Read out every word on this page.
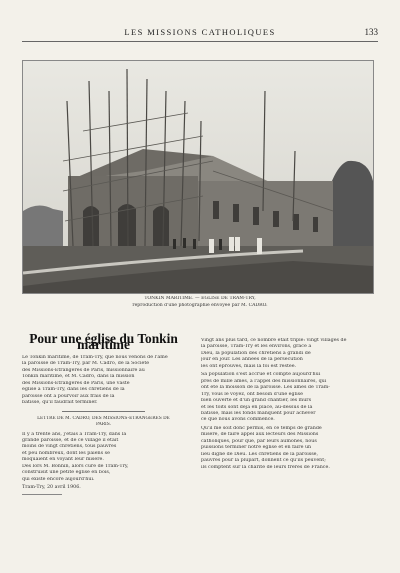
LES MISSIONS CATHOLIQUES	133
TONKIN MARITIME. — ÉGLISE DE TRAM-TRY,
reproduction d'une photographie envoyée par M. CADRO.
Pour une église du Tonkin maritime

Le Tonkin maritime, de Tram-Try, que nous venons de l'âme
la paroisse de Tram-Try, par M. Cadro, de la Société
des Missions-Étrangères de Paris, missionnaire au
Tonkin maritime, et M. Cadro, dans la mission
des Missions-Étrangères de Paris, une vaste
église à Tram-Try, dans les chrétiens de la
paroisse ont à pourvoir aux frais de la
bâtisse, qu'il faudrait terminer.

LETTRE DE M. CADRO, DES MISSIONS-ÉTRANGÈRES DE
PARIS.

Il y a trente ans, j'étais à Tram-Try, dans la
grande paroisse, et de ce village il était
moins de vingt chrétiens, tous pauvres
et peu nombreux, dont les païens se
moquaient en voyant leur misère.
Dès lors M. Bonnin, alors curé de Tram-Try,
construisit une petite église en bois,
qui existe encore aujourd'hui.

Tram-Try, 20 avril 1906.

Vingt ans plus tard, ce nombre était triplé: vingt villages de
la paroisse, Tram-Try et les environs, grâce à
Dieu, la population des chrétiens a grandi de
jour en jour. Les années de la persécution
les ont éprouvés, mais la foi est restée.

Sa population s'est accrue et compte aujourd'hui
près de mille âmes, à l'appel des missionnaires, qui
ont été la moisson de la paroisse. Les âmes de Tram-
Try, vous le voyez, ont besoin d'une église
bien ouverte et d'un grand chantier, les murs
et les toits sont déjà en place, au-dessus de la
bâtisse, mais les fonds manquent pour achever
ce que nous avons commencé.

Qu'il me soit donc permis, en ce temps de grande
misère, de faire appel aux lecteurs des Missions
catholiques, pour que, par leurs aumônes, nous
puissions terminer notre église et en faire un
lieu digne de Dieu. Les chrétiens de la paroisse,
pauvres pour la plupart, donnent ce qu'ils peuvent;
ils comptent sur la charité de leurs frères de France.
